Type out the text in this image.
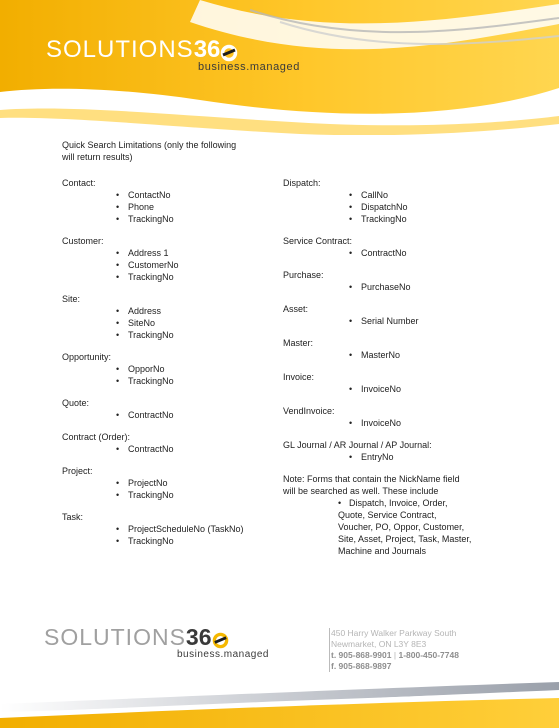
SOLUTIONS36
business.managed
Quick Search Limitations (only the following
will return results)
Contact:
• ContactNo
• Phone
• TrackingNo
Customer:
• Address 1
• CustomerNo
• TrackingNo
Site:
• Address
• SiteNo
• TrackingNo
Opportunity:
• OpporNo
• TrackingNo
Quote:
• ContractNo
Contract (Order):
• ContractNo
Project:
• ProjectNo
• TrackingNo
Task:
• ProjectScheduleNo (TaskNo)
• TrackingNo
Dispatch:
• CallNo
• DispatchNo
• TrackingNo
Service Contract:
• ContractNo
Purchase:
• PurchaseNo
Asset:
• Serial Number
Master:
• MasterNo
Invoice:
• InvoiceNo
VendInvoice:
• InvoiceNo
GL Journal / AR Journal / AP Journal:
• EntryNo
Note: Forms that contain the NickName field
will be searched as well. These include
• Dispatch, Invoice, Order,
Quote, Service Contract,
Voucher, PO, Oppor, Customer,
Site, Asset, Project, Task, Master,
Machine and Journals
SOLUTIONS36
business.managed
450 Harry Walker Parkway South
Newmarket, ON L3Y 8E3
t. 905-868-9901 | 1-800-450-7748
f. 905-868-9897
